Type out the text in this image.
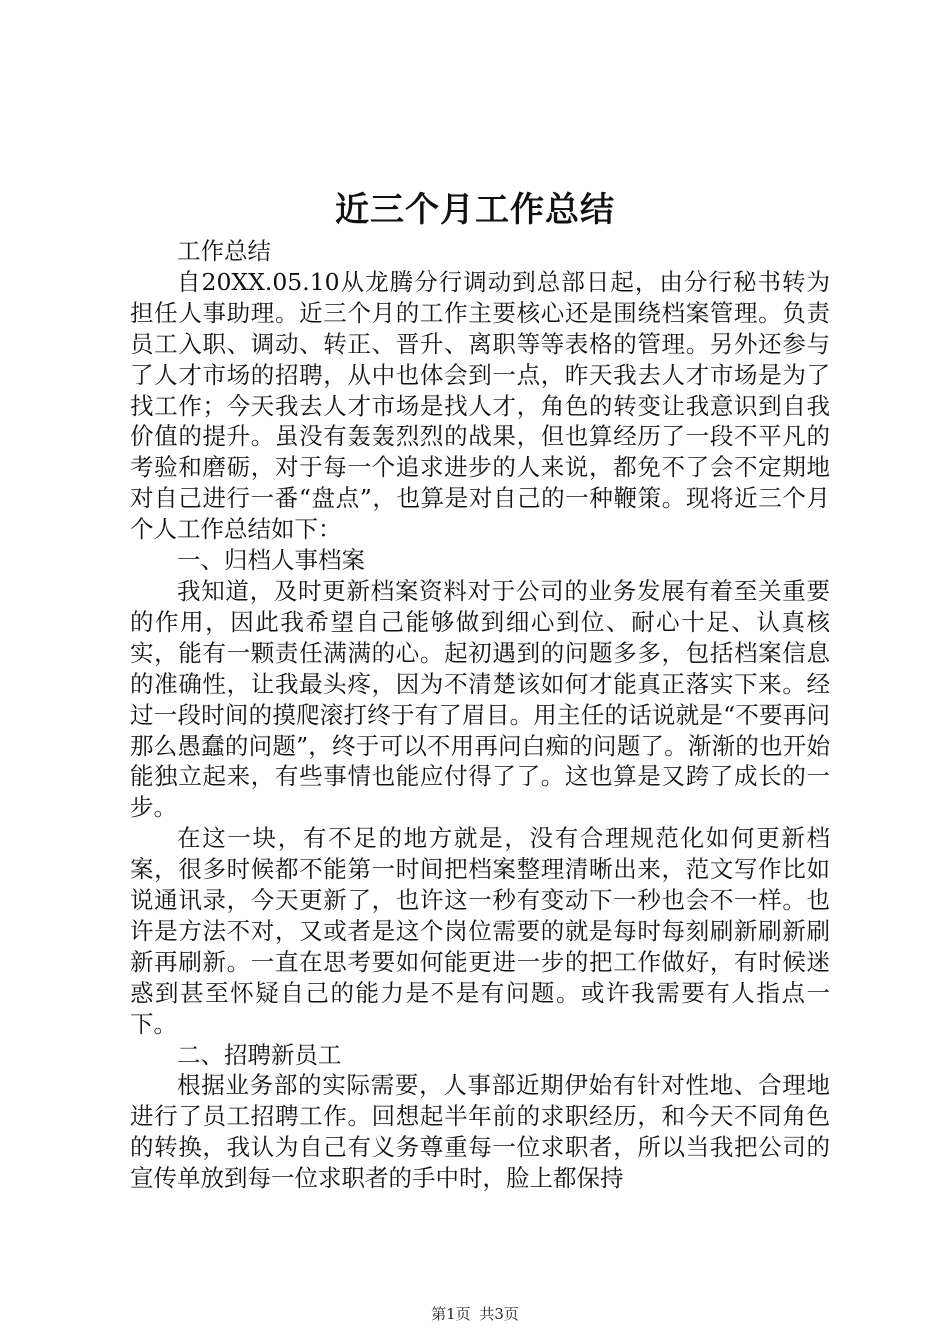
近三个月工作总结

工作总结

自20XX.05.10从龙腾分行调动到总部日起，由分行秘书转为担任人事助理。近三个月的工作主要核心还是围绕档案管理。负责员工入职、调动、转正、晋升、离职等等表格的管理。另外还参与了人才市场的招聘，从中也体会到一点，昨天我去人才市场是为了找工作；今天我去人才市场是找人才，角色的转变让我意识到自我价值的提升。虽没有轰轰烈烈的战果，但也算经历了一段不平凡的考验和磨砺，对于每一个追求进步的人来说，都免不了会不定期地对自己进行一番“盘点”，也算是对自己的一种鞭策。现将近三个月个人工作总结如下：

一、归档人事档案

我知道，及时更新档案资料对于公司的业务发展有着至关重要的作用，因此我希望自己能够做到细心到位、耐心十足、认真核实，能有一颗责任满满的心。起初遇到的问题多多，包括档案信息的准确性，让我最头疼，因为不清楚该如何才能真正落实下来。经过一段时间的摸爬滚打终于有了眉目。用主任的话说就是“不要再问那么愚蠢的问题”，终于可以不用再问白痴的问题了。渐渐的也开始能独立起来，有些事情也能应付得了了。这也算是又跨了成长的一步。

在这一块，有不足的地方就是，没有合理规范化如何更新档案，很多时候都不能第一时间把档案整理清晰出来，范文写作比如说通讯录，今天更新了，也许这一秒有变动下一秒也会不一样。也许是方法不对，又或者是这个岗位需要的就是每时每刻刷新刷新刷新再刷新。一直在思考要如何能更进一步的把工作做好，有时候迷惑到甚至怀疑自己的能力是不是有问题。或许我需要有人指点一下。

二、招聘新员工

根据业务部的实际需要，人事部近期伊始有针对性地、合理地进行了员工招聘工作。回想起半年前的求职经历，和今天不同角色的转换，我认为自己有义务尊重每一位求职者，所以当我把公司的宣传单放到每一位求职者的手中时，脸上都保持

第1页 共3页
